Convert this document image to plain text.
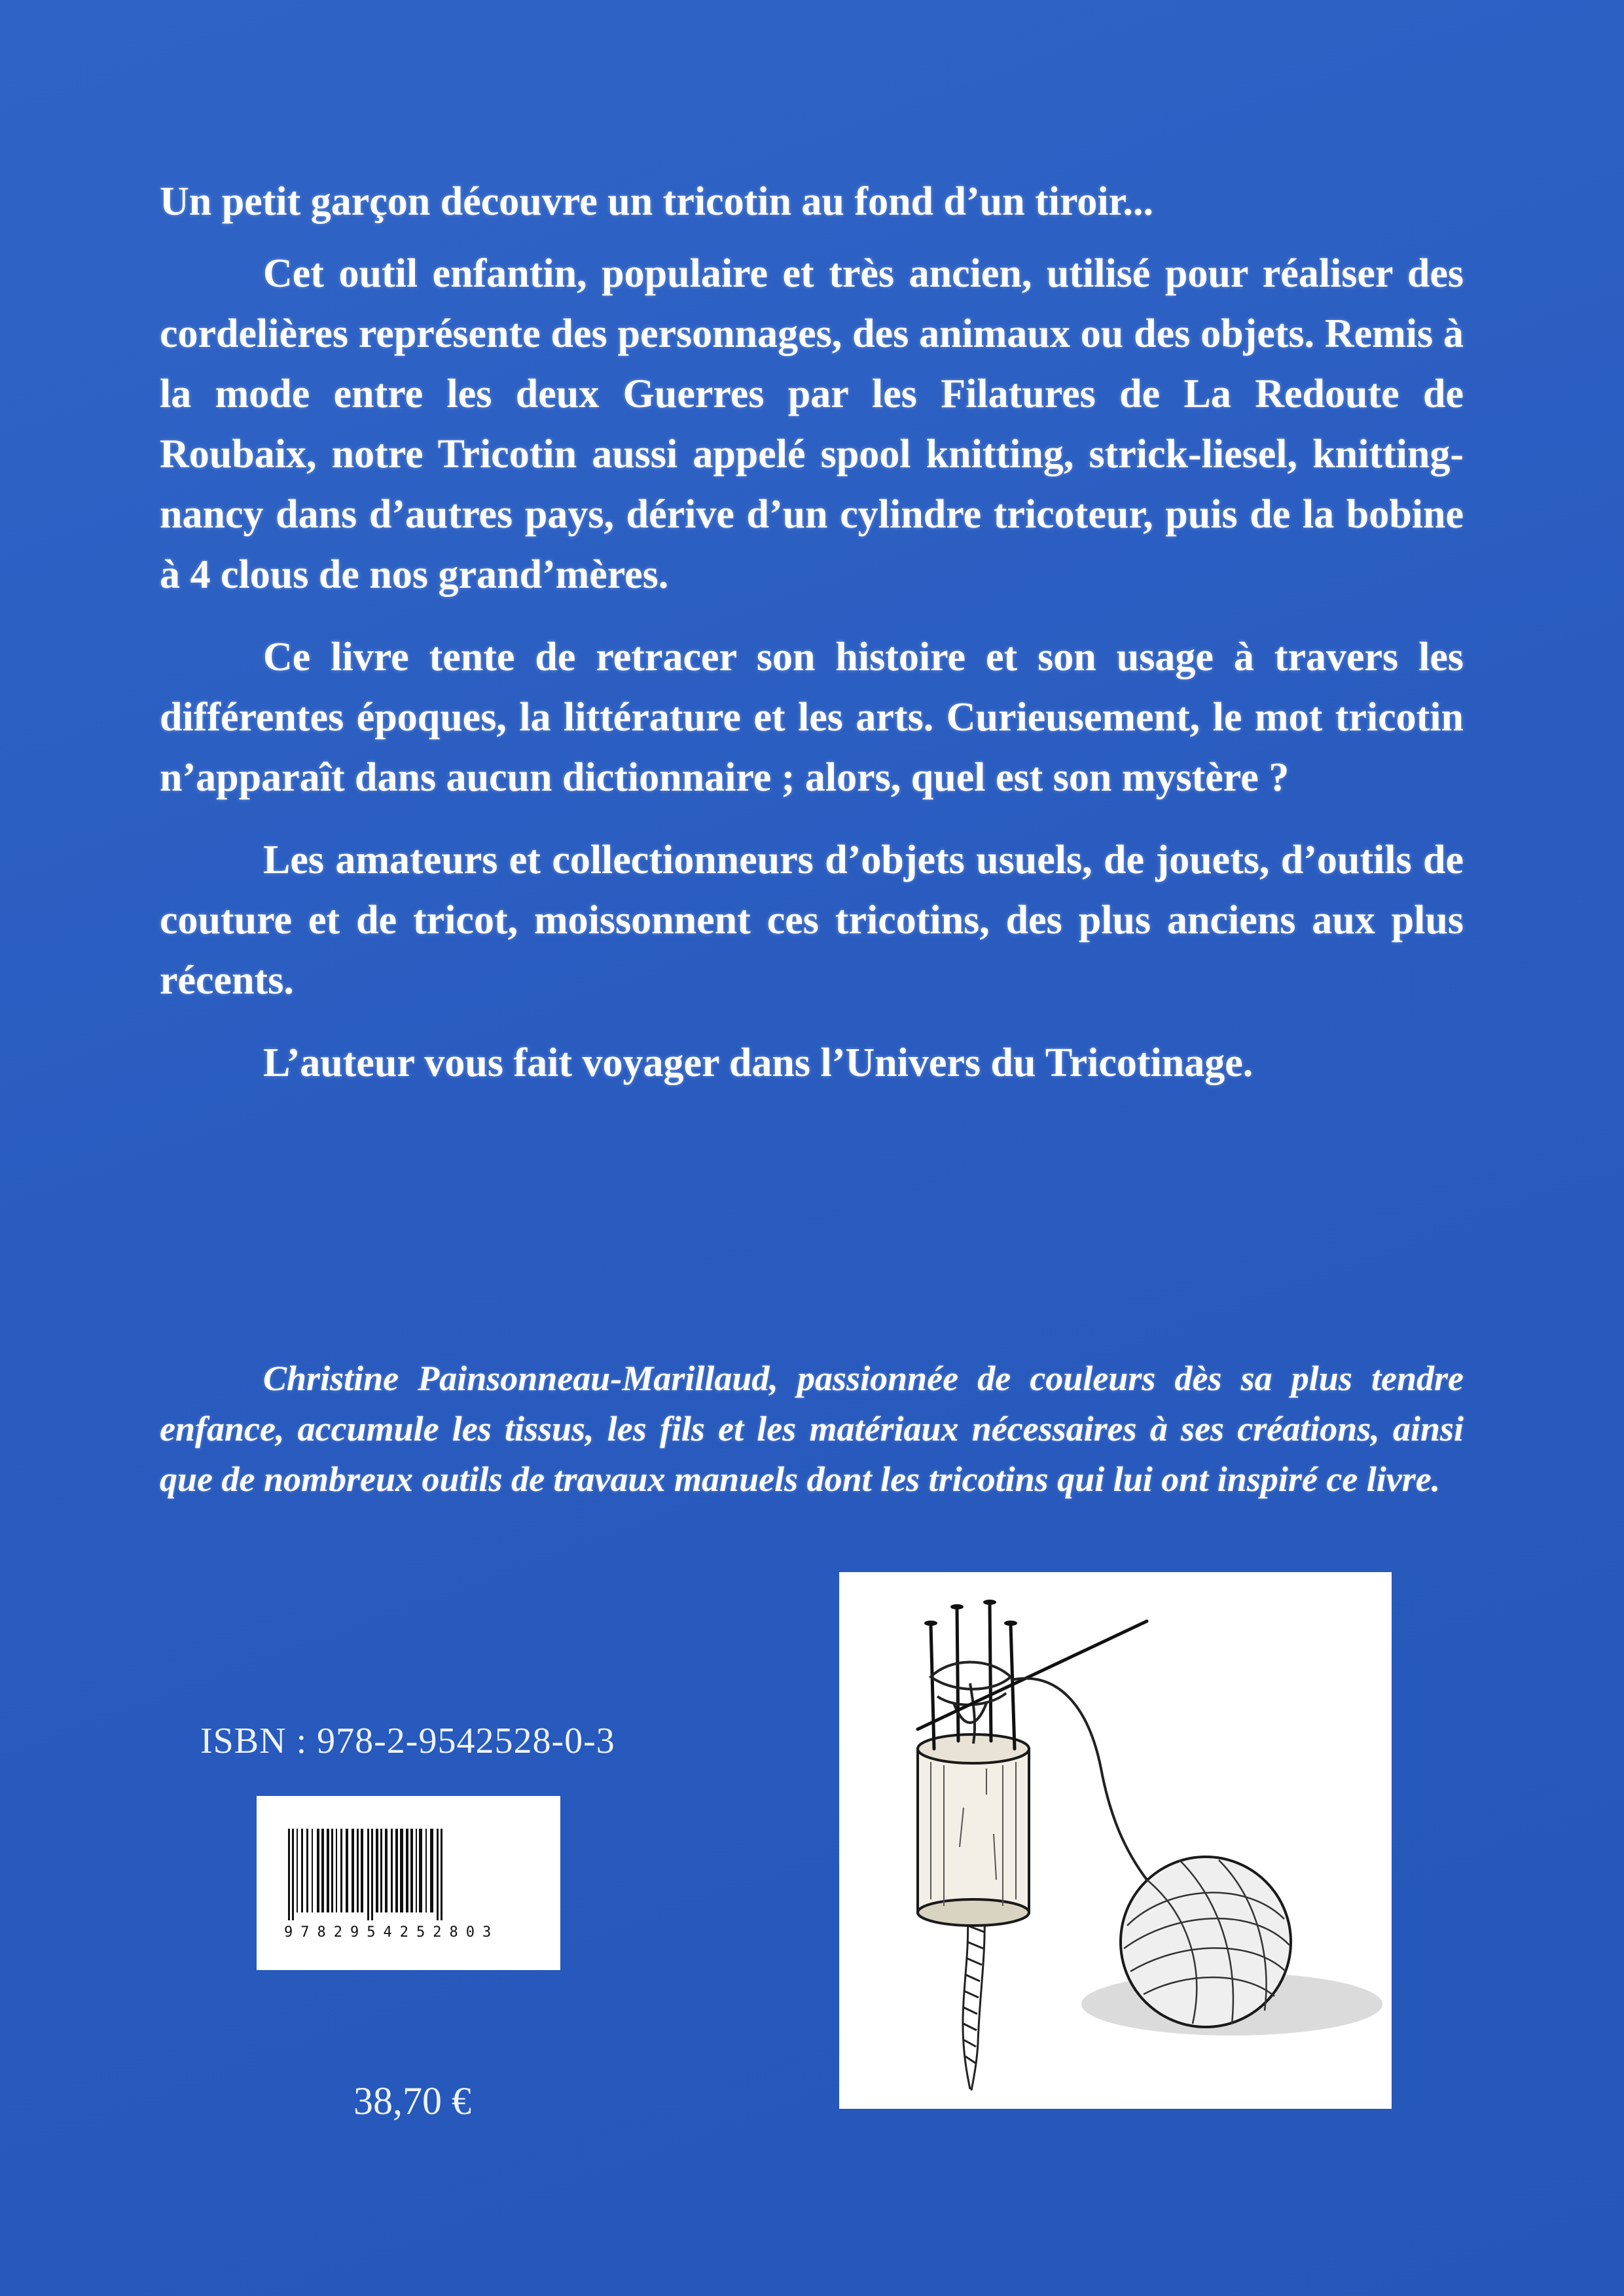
Un petit garçon découvre un tricotin au fond d’un tiroir...

Cet outil enfantin, populaire et très ancien, utilisé pour réaliser des cordelières représente des personnages, des animaux ou des objets. Remis à la mode entre les deux Guerres par les Filatures de La Redoute de Roubaix, notre Tricotin aussi appelé spool knitting, strick-liesel, knitting-nancy dans d’autres pays, dérive d’un cylindre tricoteur, puis de la bobine à 4 clous de nos grand’mères.

Ce livre tente de retracer son histoire et son usage à travers les différentes époques, la littérature et les arts. Curieusement, le mot tricotin n’apparaît dans aucun dictionnaire ; alors, quel est son mystère ?

Les amateurs et collectionneurs d’objets usuels, de jouets, d’outils de couture et de tricot, moissonnent ces tricotins, des plus anciens aux plus récents.

L’auteur vous fait voyager dans l’Univers du Tricotinage.

Christine Painsonneau-Marillaud, passionnée de couleurs dès sa plus tendre enfance, accumule les tissus, les fils et les matériaux nécessaires à ses créations, ainsi que de nombreux outils de travaux manuels dont les tricotins qui lui ont inspiré ce livre.

ISBN : 978-2-9542528-0-3
9782954252803
38,70 €
